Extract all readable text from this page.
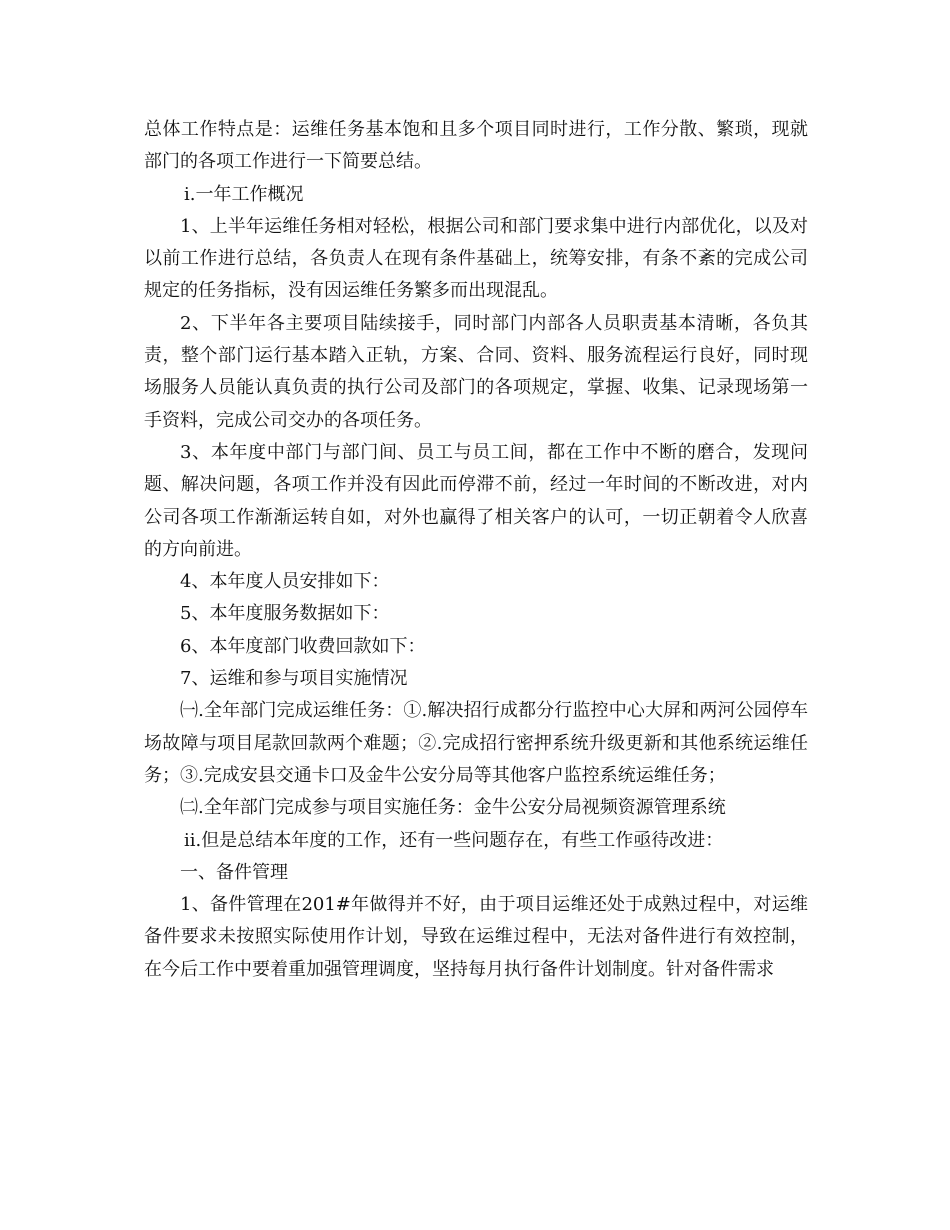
总体工作特点是：运维任务基本饱和且多个项目同时进行，工作分散、繁琐，现就部门的各项工作进行一下简要总结。

ⅰ.一年工作概况

1、上半年运维任务相对轻松，根据公司和部门要求集中进行内部优化，以及对以前工作进行总结，各负责人在现有条件基础上，统筹安排，有条不紊的完成公司规定的任务指标，没有因运维任务繁多而出现混乱。

2、下半年各主要项目陆续接手，同时部门内部各人员职责基本清晰，各负其责，整个部门运行基本踏入正轨，方案、合同、资料、服务流程运行良好，同时现场服务人员能认真负责的执行公司及部门的各项规定，掌握、收集、记录现场第一手资料，完成公司交办的各项任务。

3、本年度中部门与部门间、员工与员工间，都在工作中不断的磨合，发现问题、解决问题，各项工作并没有因此而停滞不前，经过一年时间的不断改进，对内公司各项工作渐渐运转自如，对外也赢得了相关客户的认可，一切正朝着令人欣喜的方向前进。

4、本年度人员安排如下：

5、本年度服务数据如下：

6、本年度部门收费回款如下：

7、运维和参与项目实施情况

㈠.全年部门完成运维任务：①.解决招行成都分行监控中心大屏和两河公园停车场故障与项目尾款回款两个难题；②.完成招行密押系统升级更新和其他系统运维任务；③.完成安县交通卡口及金牛公安分局等其他客户监控系统运维任务；

㈡.全年部门完成参与项目实施任务：金牛公安分局视频资源管理系统

ⅱ.但是总结本年度的工作，还有一些问题存在，有些工作亟待改进：

一、备件管理

1、备件管理在201#年做得并不好，由于项目运维还处于成熟过程中，对运维备件要求未按照实际使用作计划，导致在运维过程中，无法对备件进行有效控制，在今后工作中要着重加强管理调度，坚持每月执行备件计划制度。针对备件需求
